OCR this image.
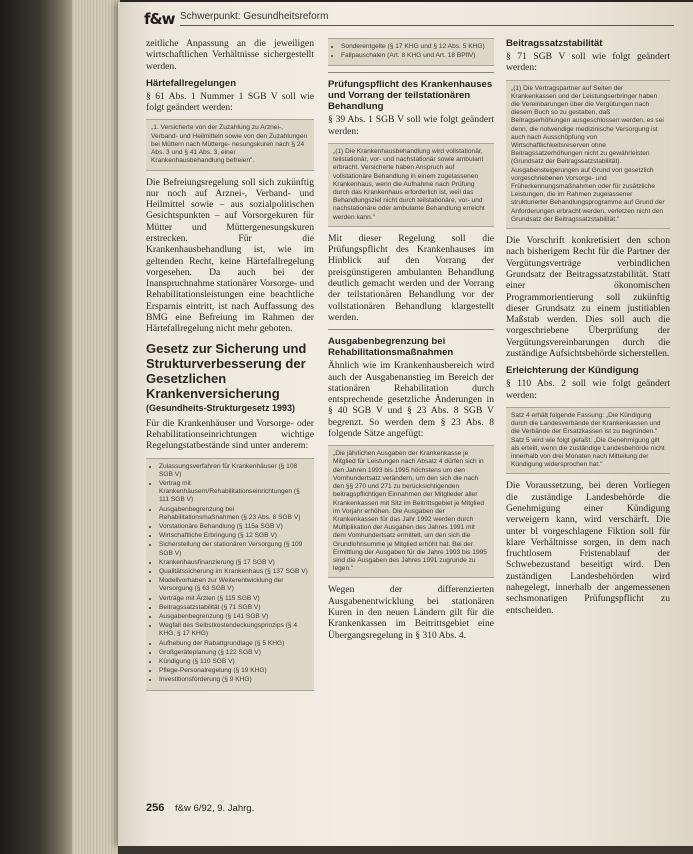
f&w Schwerpunkt: Gesundheitsreform

zeitliche Anpassung an die jeweiligen wirtschaftlichen Verhältnisse sichergestellt werden.

Härtefallregelungen

§ 61 Abs. 1 Nummer 1 SGB V soll wie folgt geändert werden:

„1. Versicherte von der Zuzahlung zu Arznei-, Verband- und Heilmitteln sowie von den Zuzahlungen bei Müttern nach Mütterge- nesungskuren nach § 24 Abs. 3 und § 41 Abs. 3, einer Krankenhausbehandlung befreien".

Die Befreiungsregelung soll sich zukünftig nur noch auf Arznei-, Verband- und Heilmittel sowie – aus sozialpolitischen Gesichtspunkten – auf Vorsorgekuren für Mütter und Müttergenesungskuren erstrecken. Für die Krankenhausbehandlung ist, wie im geltenden Recht, keine Härtefallregelung vorgesehen. Da auch bei der Inanspruchnahme stationärer Vorsorge- und Rehabilitationsleistungen eine beachtliche Ersparnis eintritt, ist nach Auffassung des BMG eine Befreiung im Rahmen der Härtefallregelung nicht mehr geboten.

Gesetz zur Sicherung und Strukturverbesserung der Gesetzlichen Krankenversicherung
(Gesundheits-Strukturgesetz 1993)

Für die Krankenhäuser und Vorsorge- oder Rehabilitationseinrichtungen wichtige Regelungstatbestände sind unter anderem:

• Zulassungsverfahren für Krankenhäuser (§ 108 SGB V)
• Vertrag mit Krankenhäusern/Rehabilitationseinrichtungen (§ 111 SGB V)
• Ausgabenbegrenzung bei Rehabilitationsmaßnahmen (§ 23 Abs. 8 SGB V)
• Vorstationäre Behandlung (§ 115a SGB V)
• Wirtschaftliche Erbringung (§ 12 SGB V)
• Sicherstellung der stationären Versorgung (§ 109 SGB V)
• Krankenhausfinanzierung (§ 17 SGB V)
• Qualitätssicherung im Krankenhaus (§ 137 SGB V)
• Modellvorhaben zur Weiterentwicklung der Versorgung (§ 63 SGB V)
• Verträge mit Ärzten (§ 115 SGB V)
• Beitragssatzstabilität (§ 71 SGB V)
• Ausgabenbegrenzung (§ 141 SGB V)
• Wegfall des Selbstkostendeckungsprinzips (§ 4 KHG, § 17 KHG)
• Aufhebung der Rabattgrundlage (§ 5 KHG)
• Großgeräteplanung (§ 122 SGB V)
• Kündigung (§ 110 SGB V)
• Pflege-Personalregelung (§ 19 KHG)
• Investitionsförderung (§ 9 KHG)
• Sonderentgelte (§ 17 KHG und § 12 Abs. 5 KHG)
• Fallpauschalen (Art. 8 KHG und Art. 18 BPflV)
Prüfungspflicht des Krankenhauses und Vorrang der teilstationären Behandlung

§ 39 Abs. 1 SGB V soll wie folgt geändert werden:

„(1) Die Krankenhausbehandlung wird vollstationär, teilstationär, vor- und nachstationär sowie ambulant erbracht. Versicherte haben Anspruch auf vollstationäre Behandlung in einem zugelassenen Krankenhaus, wenn die Aufnahme nach Prüfung durch das Krankenhaus erforderlich ist, weil das Behandlungsziel nicht durch teilstationäre, vor- und nachstationäre oder ambulante Behandlung erreicht werden kann."

Mit dieser Regelung soll die Prüfungspflicht des Krankenhauses im Hinblick auf den Vorrang der preisgünstigeren ambulanten Behandlung deutlich gemacht werden und der Vorrang der teilstationären Behandlung vor der vollstationären Behandlung klargestellt werden.

Ausgabenbegrenzung bei Rehabilitationsmaßnahmen

Ähnlich wie im Krankenhausbereich wird auch der Ausgabenanstieg im Bereich der stationären Rehabilitation durch entsprechende gesetzliche Änderungen in § 40 SGB V und § 23 Abs. 8 SGB V begrenzt. So werden dem § 23 Abs. 8 folgende Sätze angefügt:

„Die jährlichen Ausgaben der Krankenkasse je Mitglied für Leistungen nach Absatz 4 dürfen sich in den Jahren 1993 bis 1995 höchstens um den Vomhundertsatz verändern, um den sich die nach den §§ 270 und 271 zu berücksichtigenden beitragspflichtigen Einnahmen der Mitglieder aller Krankenkassen mit Sitz im Beitrittsgebiet je Mitglied im Vorjahr erhöhen. Die Ausgaben der Krankenkassen für das Jahr 1992 werden durch Multiplikation der Ausgaben des Jahres 1991 mit dem Vomhundertsatz ermittelt, um den sich die Grundlohnsumme je Mitglied erhöht hat. Bei der Ermittlung der Ausgaben für die Jahre 1993 bis 1995 sind die Ausgaben des Jahres 1991 zugrunde zu legen."

Wegen der differenzierten Ausgabenentwicklung bei stationären Kuren in den neuen Ländern gilt für die Krankenkassen im Beitrittsgebiet eine Übergangsregelung in § 310 Abs. 4.

Beitragssatzstabilität

§ 71 SGB V soll wie folgt geändert werden:

„(1) Die Vertragspartner auf Seiten der Krankenkassen und der Leistungserbringer haben die Vereinbarungen über die Vergütungen nach diesem Buch so zu gestalten, daß Beitragserhöhungen ausgeschlossen werden, es sei denn, die notwendige medizinische Versorgung ist auch nach Ausschöpfung von Wirtschaftlichkeitsreserven ohne Beitragssatzerhöhungen nicht zu gewährleisten (Grundsatz der Beitragssatzstabilität). Ausgabensteigerungen auf Grund von gesetzlich vorgeschriebenen Vorsorge- und Früherkennungsmaßnahmen oder für zusätzliche Leistungen, die im Rahmen zugelassener strukturierter Behandlungsprogramme auf Grund der Anforderungen erbracht werden, verletzen nicht den Grundsatz der Beitragssatzstabilität."

Die Vorschrift konkretisiert den schon nach bisherigem Recht für die Partner der Vergütungsverträge verbindlichen Grundsatz der Beitragssatzstabilität. Statt einer ökonomischen Programmorientierung soll zukünftig dieser Grundsatz zu einem justitiablen Maßstab werden. Dies soll auch die vorgeschriebene Überprüfung der Vergütungsvereinbarungen durch die zuständige Aufsichtsbehörde sicherstellen.

Erleichterung der Kündigung

§ 110 Abs. 2 soll wie folgt geändert werden:

Satz 4 erhält folgende Fassung: „Die Kündigung durch die Landesverbände der Krankenkassen und die Verbände der Ersatzkassen ist zu begründen." Satz 5 wird wie folgt gefaßt: „Die Genehmigung gilt als erteilt, wenn die zuständige Landesbehörde nicht innerhalb von drei Monaten nach Mitteilung der Kündigung widersprochen hat."

Die Voraussetzung, bei deren Vorliegen die zuständige Landesbehörde die Genehmigung einer Kündigung verweigern kann, wird verschärft. Die unter bl vorgeschlagene Fiktion soll für klare Verhältnisse sorgen, in dem nach fruchtlosem Fristenablauf der Schwebezustand beseitigt wird. Den zuständigen Landesbehörden wird nahegelegt, innerhalb der angemessenen sechsmonatigen Prüfungspflicht zu entscheiden.

256 f&w 6/92, 9. Jahrg.
